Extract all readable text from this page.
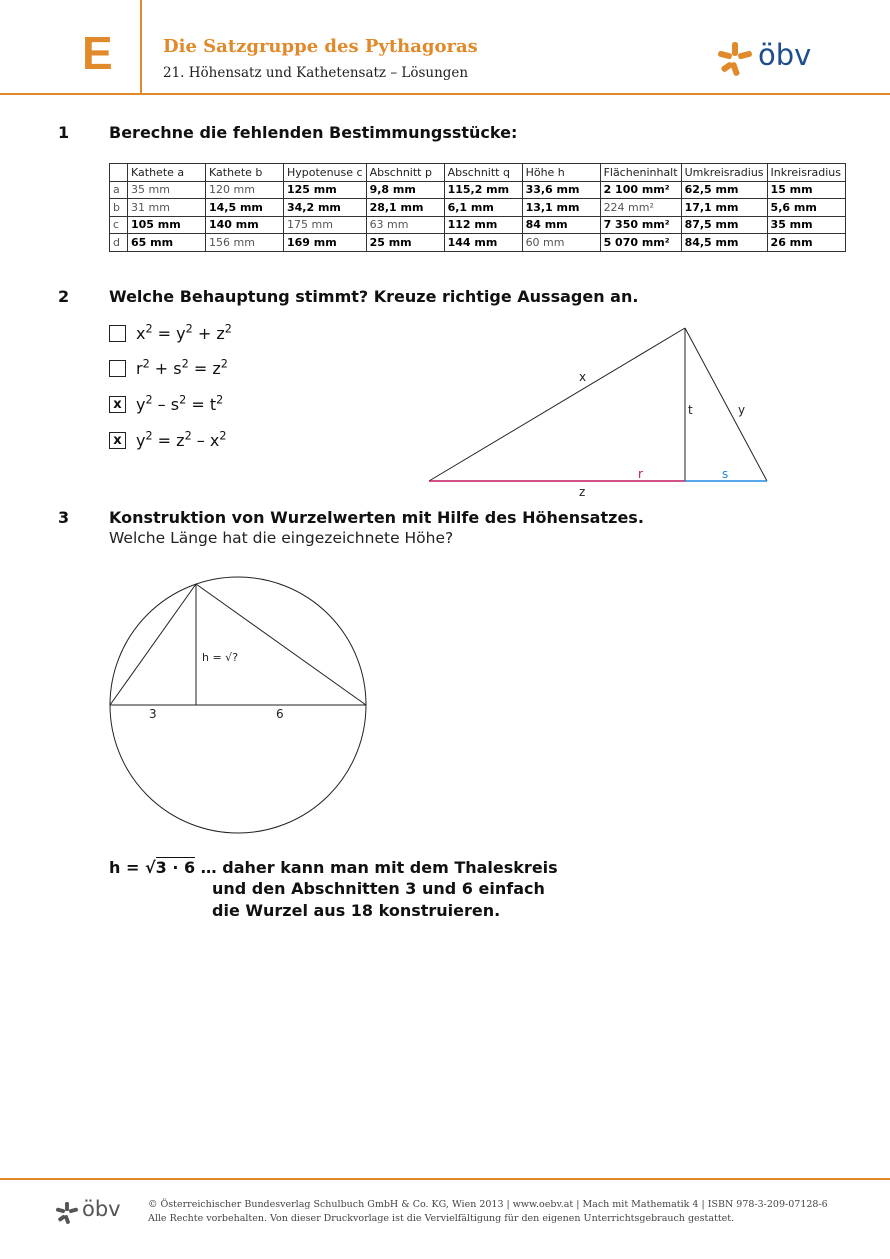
E	Die Satzgruppe des Pythagoras
21. Höhensatz und Kathetensatz – Lösungen
öbv
1 Berechne die fehlenden Bestimmungsstücke:
	Kathete a	Kathete b	Hypotenuse c	Abschnitt p	Abschnitt q	Höhe h	Flächeninhalt	Umkreisradius	Inkreisradius
a	35 mm	120 mm	125 mm	9,8 mm	115,2 mm	33,6 mm	2 100 mm²	62,5 mm	15 mm
b	31 mm	14,5 mm	34,2 mm	28,1 mm	6,1 mm	13,1 mm	224 mm²	17,1 mm	5,6 mm
c	105 mm	140 mm	175 mm	63 mm	112 mm	84 mm	7 350 mm²	87,5 mm	35 mm
d	65 mm	156 mm	169 mm	25 mm	144 mm	60 mm	5 070 mm²	84,5 mm	26 mm
2 Welche Behauptung stimmt? Kreuze richtige Aussagen an.
$x^2 = y^2 + z^2$
$r^2 + s^2 = z^2$
x $y^2 - s^2 = t^2$
x $y^2 = z^2 - x^2$
x
y
t
r	s
z
3 Konstruktion von Wurzelwerten mit Hilfe des Höhensatzes.
Welche Länge hat die eingezeichnete Höhe?
h = √?
3	6
h = √3 · 6 … daher kann man mit dem Thaleskreis
und den Abschnitten 3 und 6 einfach
die Wurzel aus 18 konstruieren.
öbv	© Österreichischer Bundesverlag Schulbuch GmbH & Co. KG, Wien 2013 | www.oebv.at | Mach mit Mathematik 4 | ISBN 978-3-209-07128-6
Alle Rechte vorbehalten. Von dieser Druckvorlage ist die Vervielfältigung für den eigenen Unterrichtsgebrauch gestattet.
